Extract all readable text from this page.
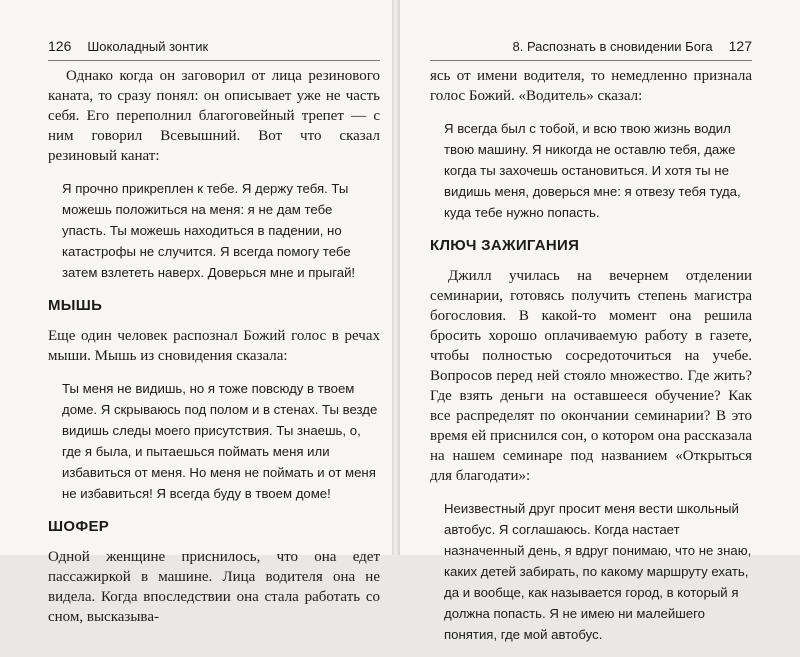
126 Шоколадный зонтик

Однако когда он заговорил от лица резинового каната, то сразу понял: он описывает уже не часть себя. Его переполнил благоговейный трепет — с ним говорил Всевышний. Вот что сказал резиновый канат:

Я прочно прикреплен к тебе. Я держу тебя. Ты можешь положиться на меня: я не дам тебе упасть. Ты можешь находиться в падении, но катастрофы не случится. Я всегда помогу тебе затем взлететь наверх. Доверься мне и прыгай!

МЫШЬ

Еще один человек распознал Божий голос в речах мыши. Мышь из сновидения сказала:

Ты меня не видишь, но я тоже повсюду в твоем доме. Я скрываюсь под полом и в стенах. Ты везде видишь следы моего присутствия. Ты знаешь, о, где я была, и пытаешься поймать меня или избавиться от меня. Но меня не поймать и от меня не избавиться! Я всегда буду в твоем доме!

ШОФЕР

Одной женщине приснилось, что она едет пассажиркой в машине. Лица водителя она не видела. Когда впоследствии она стала работать со сном, высказыва-

8. Распознать в сновидении Бога 127

ясь от имени водителя, то немедленно признала голос Божий. «Водитель» сказал:

Я всегда был с тобой, и всю твою жизнь водил твою машину. Я никогда не оставлю тебя, даже когда ты захочешь остановиться. И хотя ты не видишь меня, доверься мне: я отвезу тебя туда, куда тебе нужно попасть.

КЛЮЧ ЗАЖИГАНИЯ

Джилл училась на вечернем отделении семинарии, готовясь получить степень магистра богословия. В какой-то момент она решила бросить хорошо оплачиваемую работу в газете, чтобы полностью сосредоточиться на учебе. Вопросов перед ней стояло множество. Где жить? Где взять деньги на оставшееся обучение? Как все распределят по окончании семинарии? В это время ей приснился сон, о котором она рассказала на нашем семинаре под названием «Открыться для благодати»:

Неизвестный друг просит меня вести школьный автобус. Я соглашаюсь. Когда настает назначенный день, я вдруг понимаю, что не знаю, каких детей забирать, по какому маршруту ехать, да и вообще, как называется город, в который я должна попасть. Я не имею ни малейшего понятия, где мой автобус.
